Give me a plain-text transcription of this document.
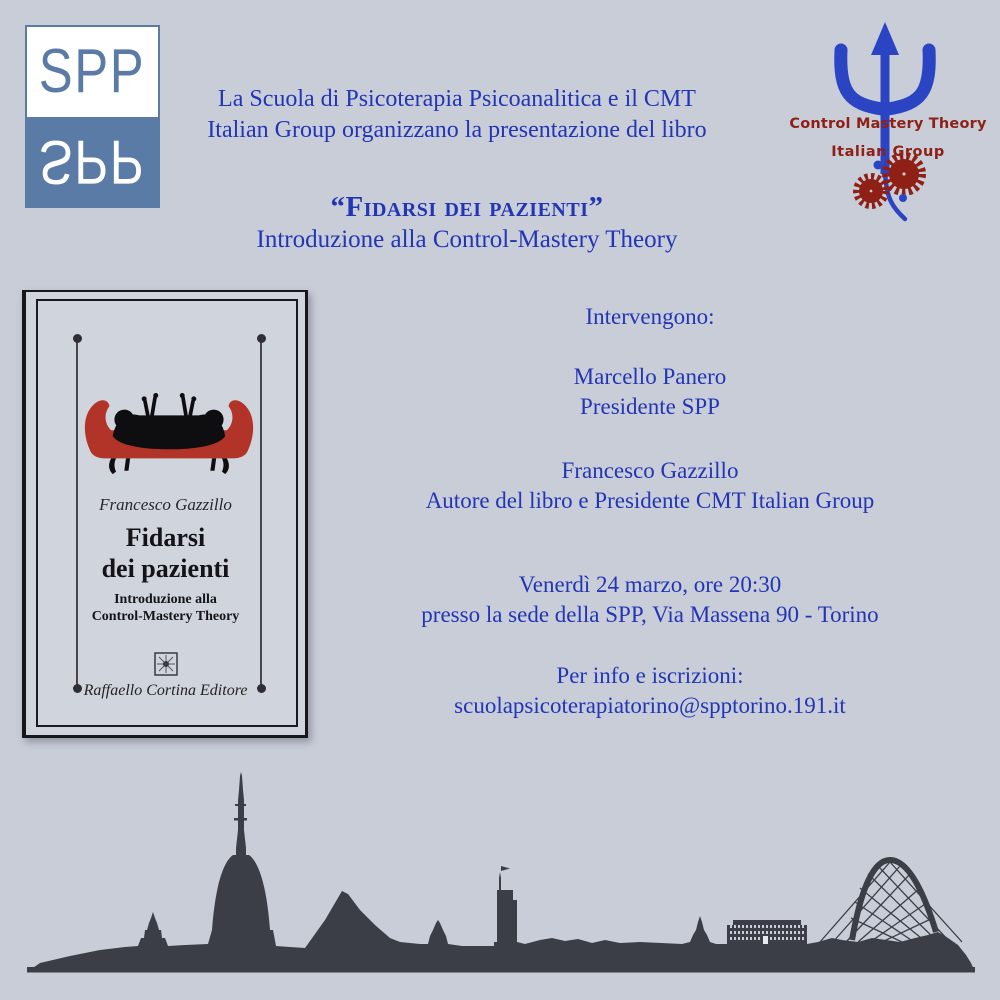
SPP
SPP
Control Mastery Theory
Italian Group
La Scuola di Psicoterapia Psicoanalitica e il CMT
Italian Group organizzano la presentazione del libro
“Fidarsi dei pazienti”
Introduzione alla Control-Mastery Theory
Francesco Gazzillo
Fidarsi
dei pazienti
Introduzione alla
Control-Mastery Theory
Raffaello Cortina Editore
Intervengono:
Marcello Panero
Presidente SPP
Francesco Gazzillo
Autore del libro e Presidente CMT Italian Group
Venerdì 24 marzo, ore 20:30
presso la sede della SPP, Via Massena 90 - Torino
Per info e iscrizioni:
scuolapsicoterapiatorino@spptorino.191.it
